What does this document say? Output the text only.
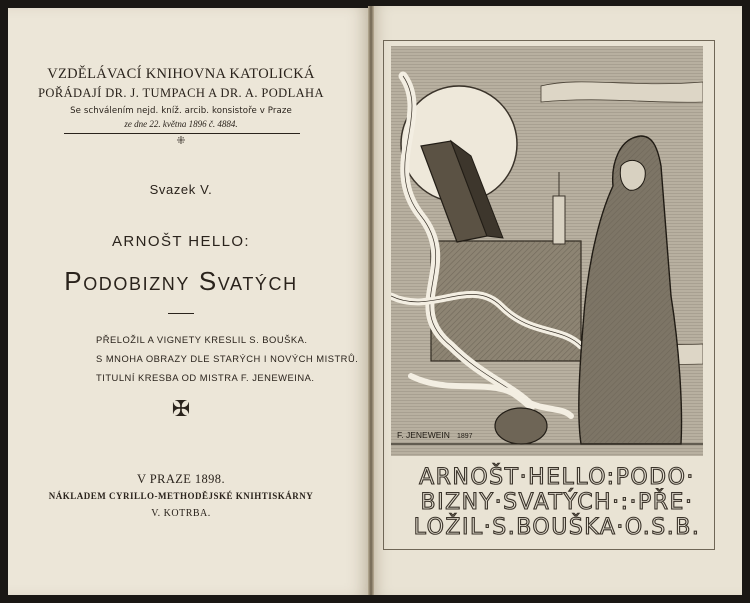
VZDĚLÁVACÍ KNIHOVNA KATOLICKÁ
POŘÁDAJÍ DR. J. TUMPACH A DR. A. PODLAHA
Se schválením nejd. kníž. arcib. konsistoře v Praze
ze dne 22. května 1896 č. 4884.
⁜
Svazek V.
ARNOŠT HELLO:
Podobizny Svatých
PŘELOŽIL A VIGNETY KRESLIL S. BOUŠKA.
S MNOHA OBRAZY DLE STARÝCH I NOVÝCH MISTRŮ.
TITULNÍ KRESBA OD MISTRA F. JENEWEINA.
✠
V PRAZE 1898.
NÁKLADEM CYRILLO-METHODĚJSKÉ KNIHTISKÁRNY
V. KOTRBA.
F. JENEWEIN 1897
ARNOŠT·HELLO:PODO·
BIZNY·SVATÝCH·:·PŘE·
LOŽIL·S.BOUŠKA·O.S.B.
